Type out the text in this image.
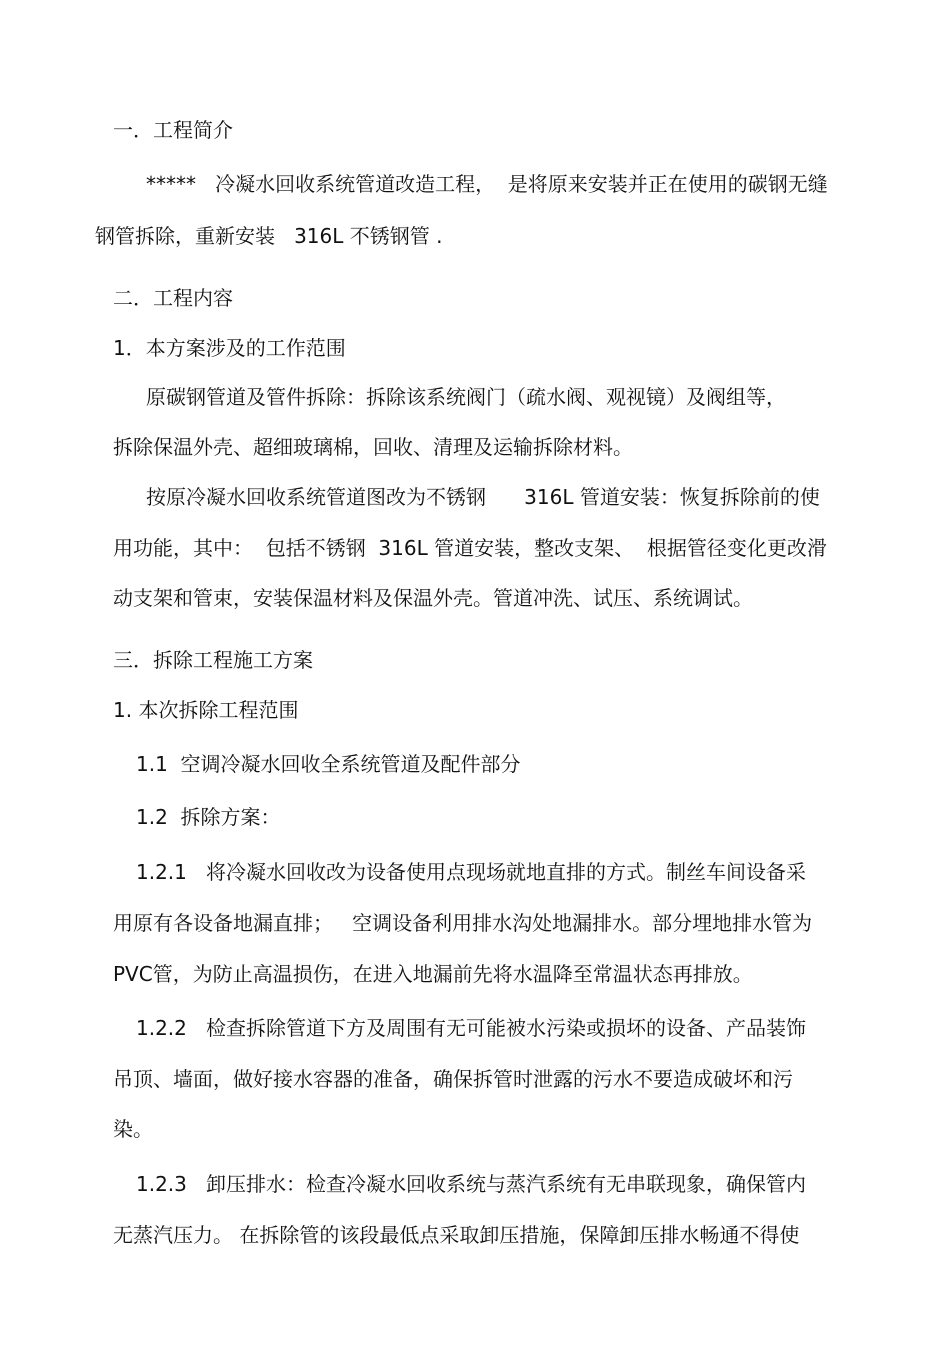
一．工程简介

*****   冷凝水回收系统管道改造工程，  是将原来安装并正在使用的碳钢无缝

钢管拆除，重新安装   316L 不锈钢管 .

二．工程内容

1．本方案涉及的工作范围

原碳钢管道及管件拆除：拆除该系统阀门（疏水阀、观视镜）及阀组等，

拆除保温外壳、超细玻璃棉，回收、清理及运输拆除材料。

按原冷凝水回收系统管道图改为不锈钢      316L 管道安装：恢复拆除前的使

用功能，其中：  包括不锈钢  316L 管道安装，整改支架、  根据管径变化更改滑

动支架和管束，安装保温材料及保温外壳。管道冲洗、试压、系统调试。

三．拆除工程施工方案

1. 本次拆除工程范围

1.1  空调冷凝水回收全系统管道及配件部分

1.2  拆除方案：

1.2.1   将冷凝水回收改为设备使用点现场就地直排的方式。制丝车间设备采

用原有各设备地漏直排；   空调设备利用排水沟处地漏排水。部分埋地排水管为

PVC管，为防止高温损伤，在进入地漏前先将水温降至常温状态再排放。

1.2.2   检查拆除管道下方及周围有无可能被水污染或损坏的设备、产品装饰

吊顶、墙面，做好接水容器的准备，确保拆管时泄露的污水不要造成破坏和污

染。

1.2.3   卸压排水：检查冷凝水回收系统与蒸汽系统有无串联现象，确保管内

无蒸汽压力。 在拆除管的该段最低点采取卸压措施，保障卸压排水畅通不得使
